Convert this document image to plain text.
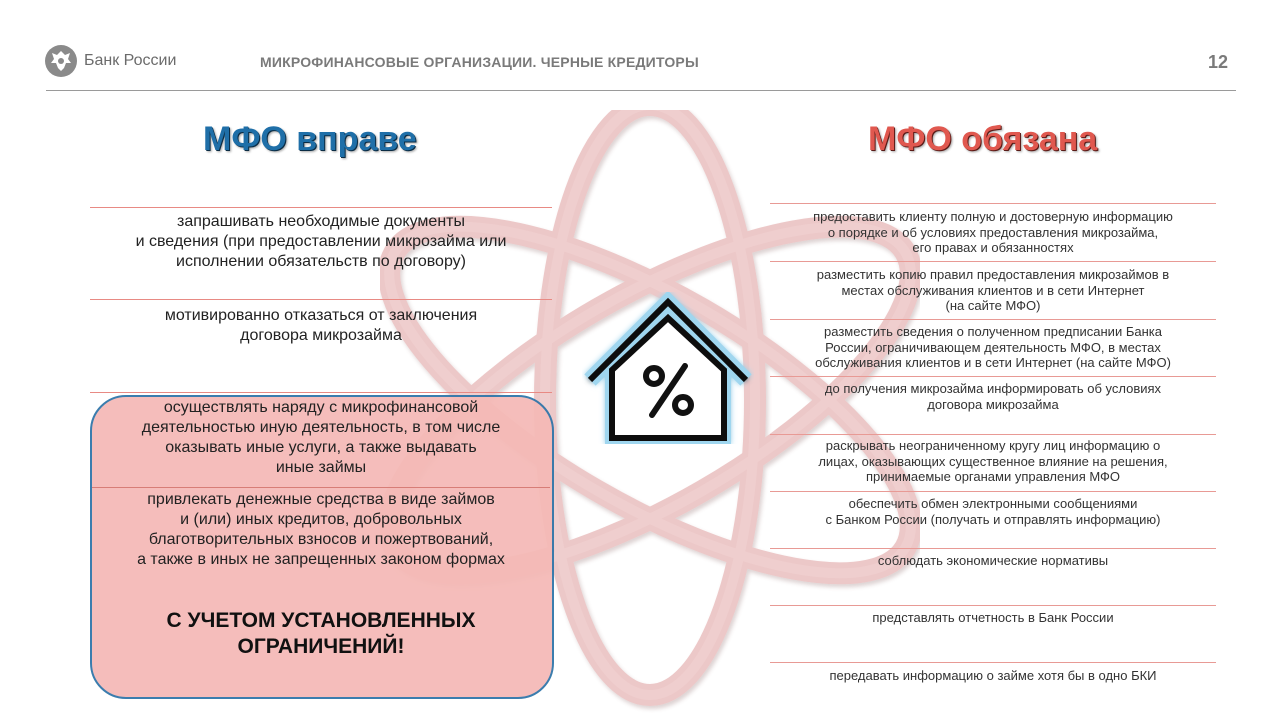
Банк России	МИКРОФИНАНСОВЫЕ ОРГАНИЗАЦИИ. ЧЕРНЫЕ КРЕДИТОРЫ	12
МФО вправе	МФО обязана
запрашивать необходимые документы
и сведения (при предоставлении микрозайма или
исполнении обязательств по договору)
мотивированно отказаться от заключения
договора микрозайма
осуществлять наряду с микрофинансовой
деятельностью иную деятельность, в том числе
оказывать иные услуги, а также выдавать
иные займы
привлекать денежные средства в виде займов
и (или) иных кредитов, добровольных
благотворительных взносов и пожертвований,
а также в иных не запрещенных законом формах
С УЧЕТОМ УСТАНОВЛЕННЫХ
ОГРАНИЧЕНИЙ!
предоставить клиенту полную и достоверную информацию
о порядке и об условиях предоставления микрозайма,
его правах и обязанностях
разместить копию правил предоставления микрозаймов в
местах обслуживания клиентов и в сети Интернет
(на сайте МФО)
разместить сведения о полученном предписании Банка
России, ограничивающем деятельность МФО, в местах
обслуживания клиентов и в сети Интернет (на сайте МФО)
до получения микрозайма информировать об условиях
договора микрозайма
раскрывать неограниченному кругу лиц информацию о
лицах, оказывающих существенное влияние на решения,
принимаемые органами управления МФО
обеспечить обмен электронными сообщениями
с Банком России (получать и отправлять информацию)
соблюдать экономические нормативы
представлять отчетность в Банк России
передавать информацию о займе хотя бы в одно БКИ
